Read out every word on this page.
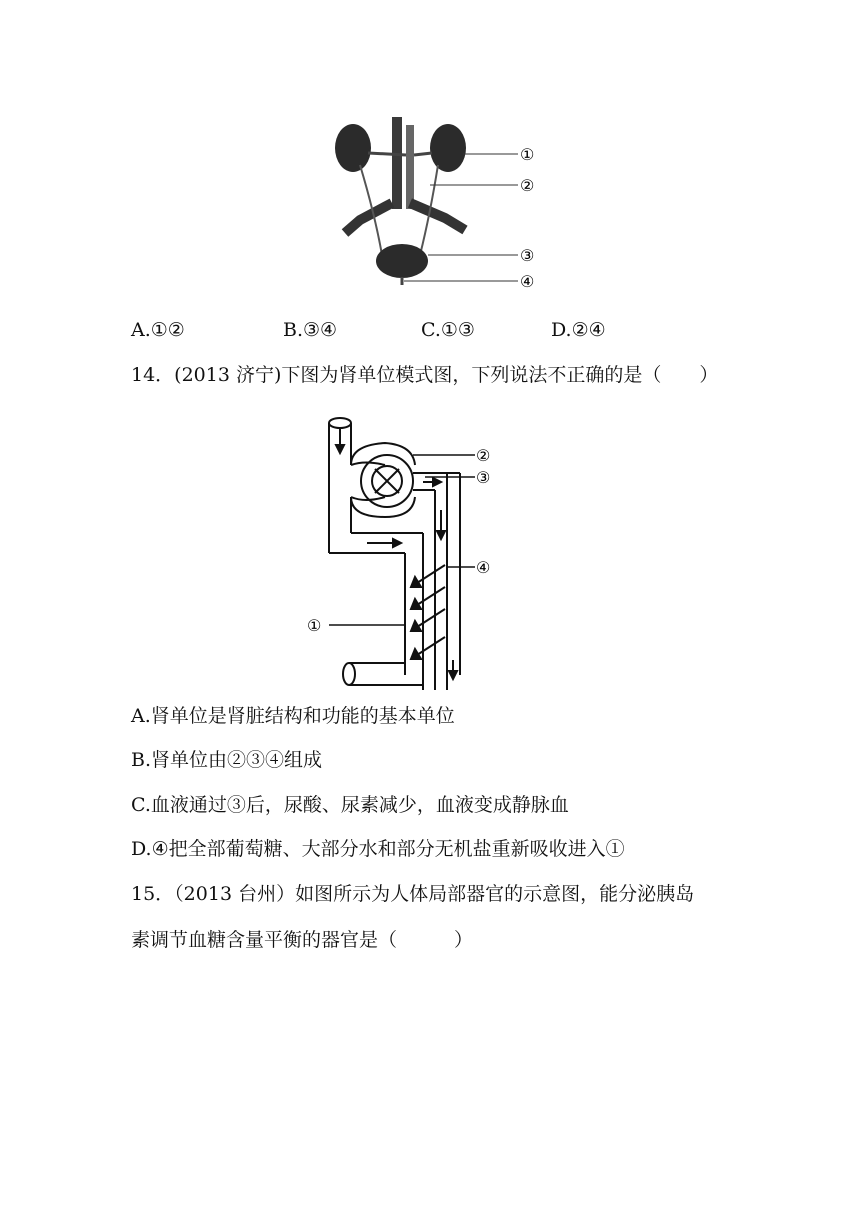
①
②
③
④
A.①②	B.③④	C.①③	D.②④
14．(2013 济宁)下图为肾单位模式图，下列说法不正确的是（　　）
②
③
④
①
A.肾单位是肾脏结构和功能的基本单位
B.肾单位由②③④组成
C.血液通过③后，尿酸、尿素减少，血液变成静脉血
D.④把全部葡萄糖、大部分水和部分无机盐重新吸收进入①
15．（2013 台州）如图所示为人体局部器官的示意图，能分泌胰岛
素调节血糖含量平衡的器官是（　　　）
